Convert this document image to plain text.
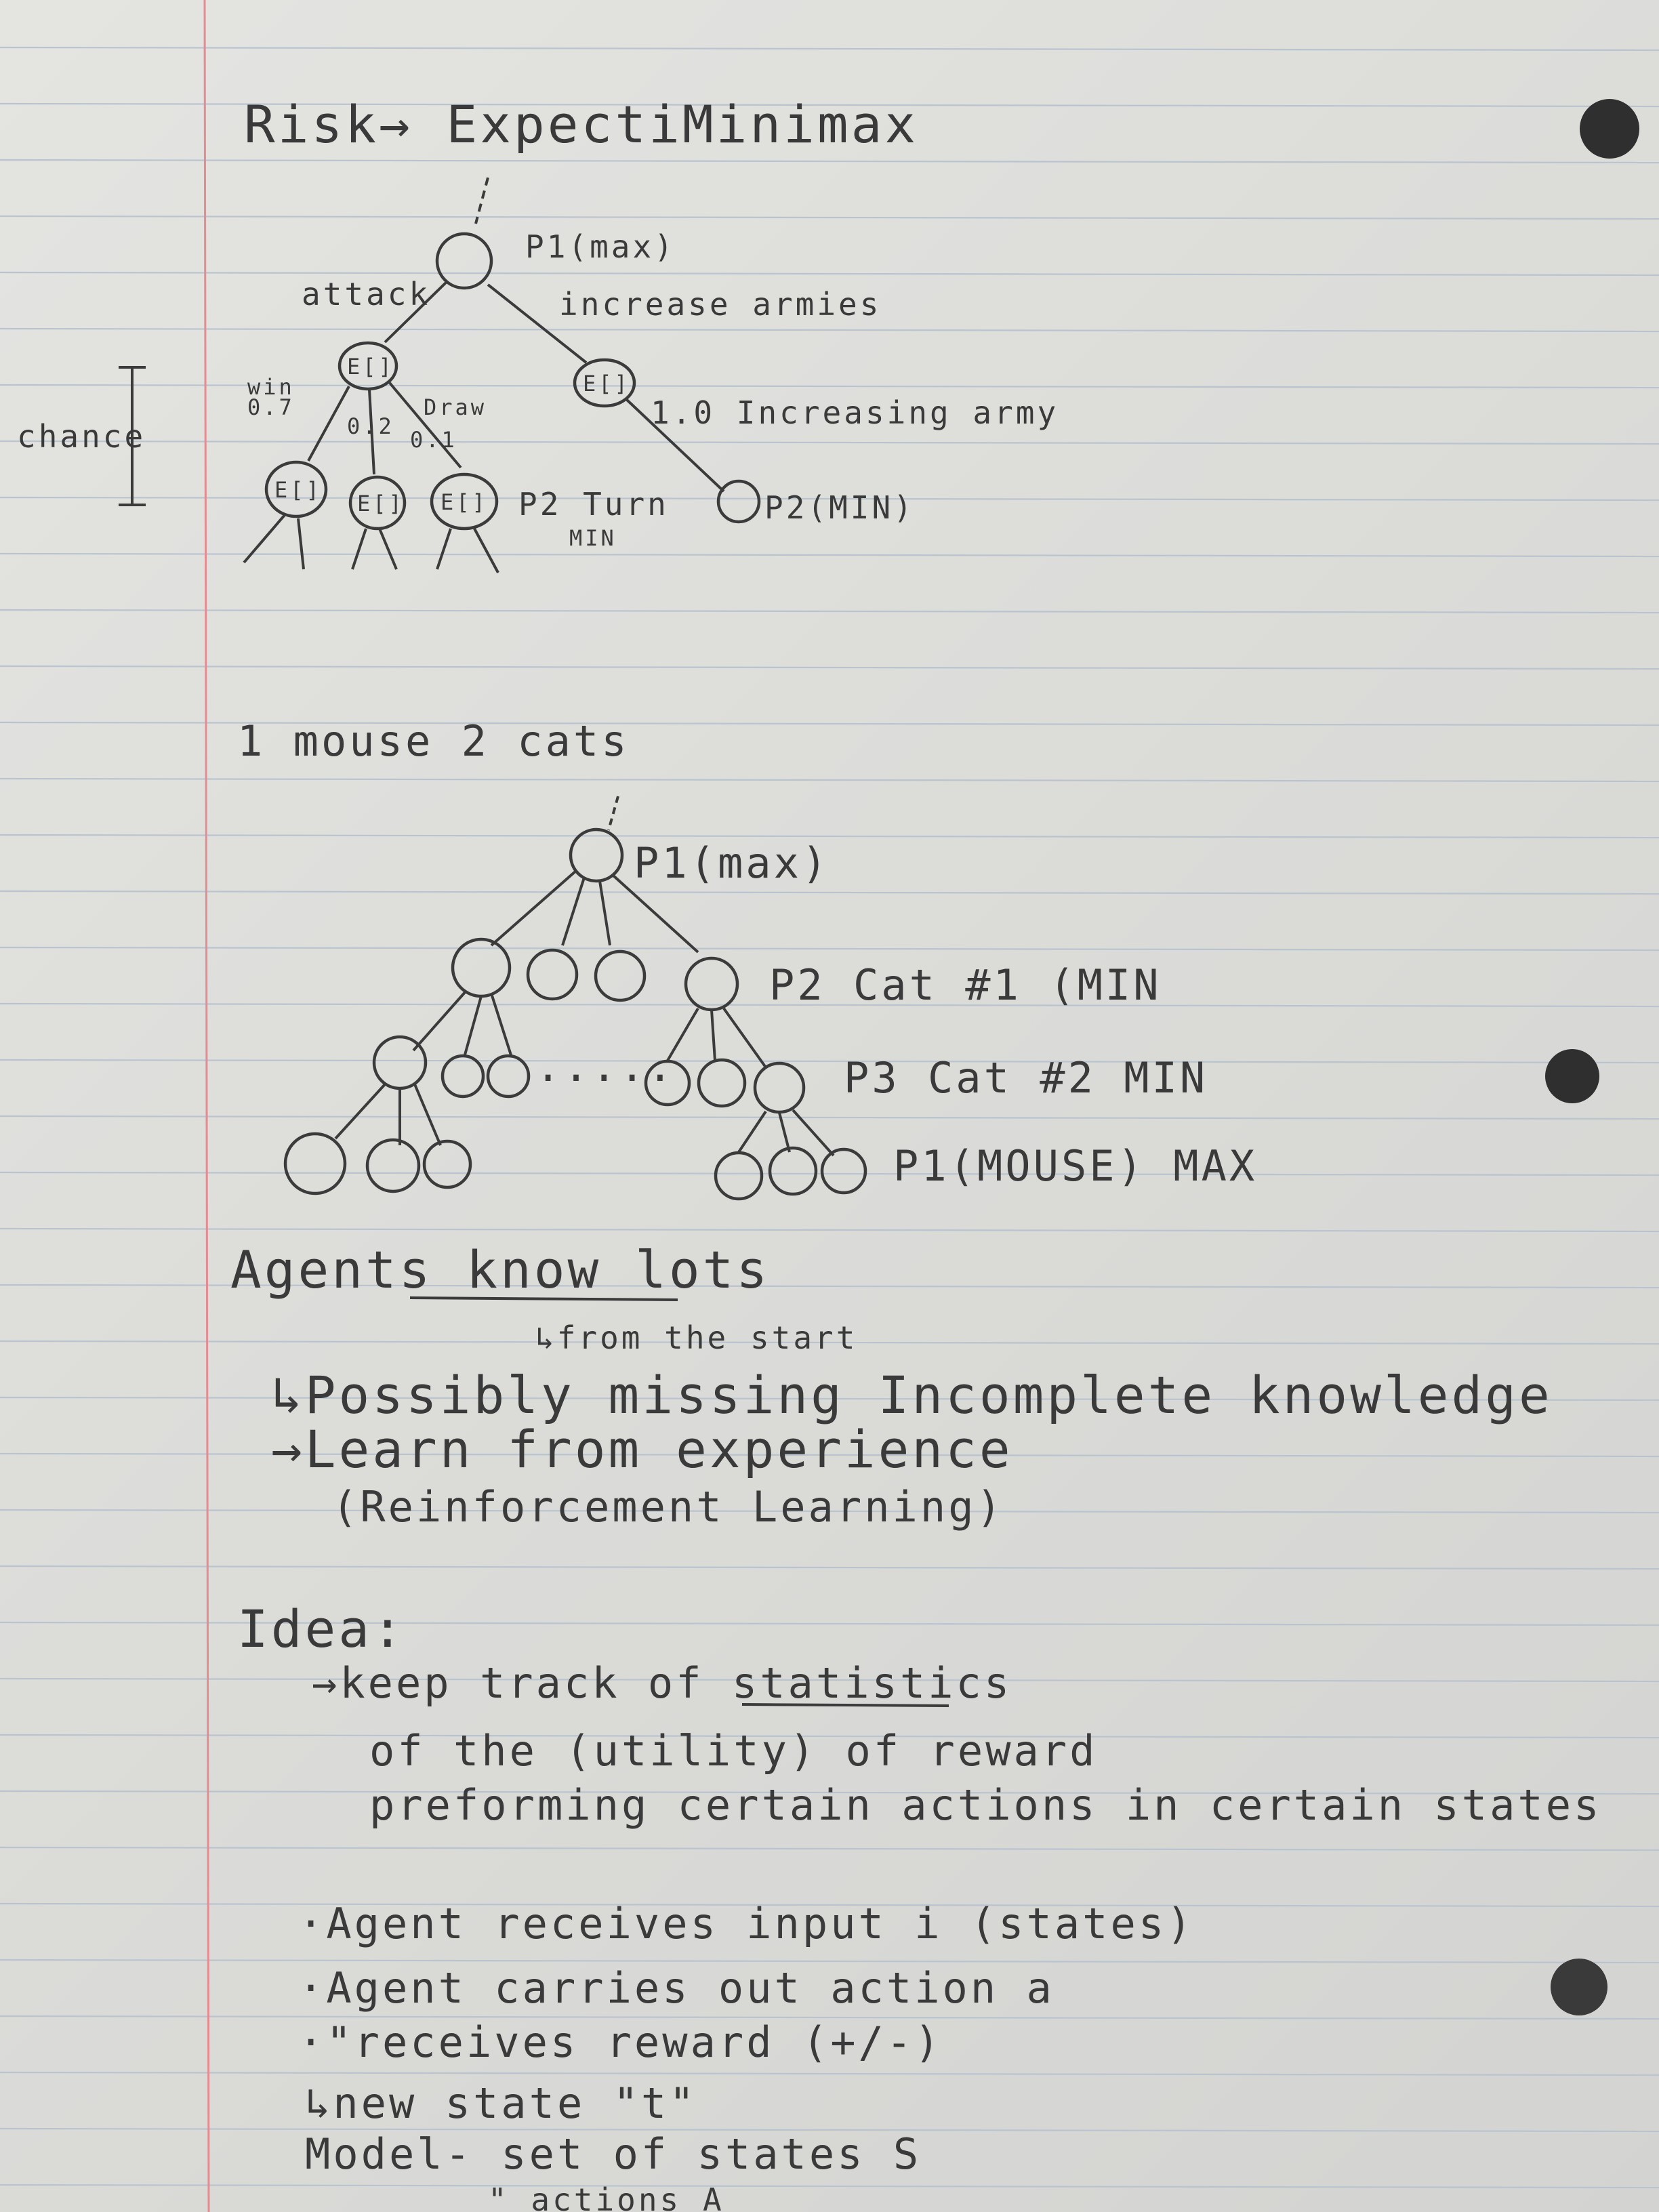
Risk→ ExpectiMinimax
P1(max)
attack	increase armies
E[]
E[]
win
0.7
0.2
Draw
0.1
1.0 Increasing army
P2(MIN)
E[]
E[] E[] P2 Turn
MIN
chance
1 mouse 2 cats
P1(max)
P2 Cat #1 (MIN
.....	P3 Cat #2 MIN
P1(MOUSE) MAX
Agents know lots
↳from the start
↳Possibly missing Incomplete knowledge
→Learn from experience
(Reinforcement Learning)
Idea:
→keep track of statistics
of the (utility) of reward
preforming certain actions in certain states
·Agent receives input i (states)
·Agent carries out action a
·"receives reward (+/-)
↳new state "t"
Model- set of states S
" actions A
